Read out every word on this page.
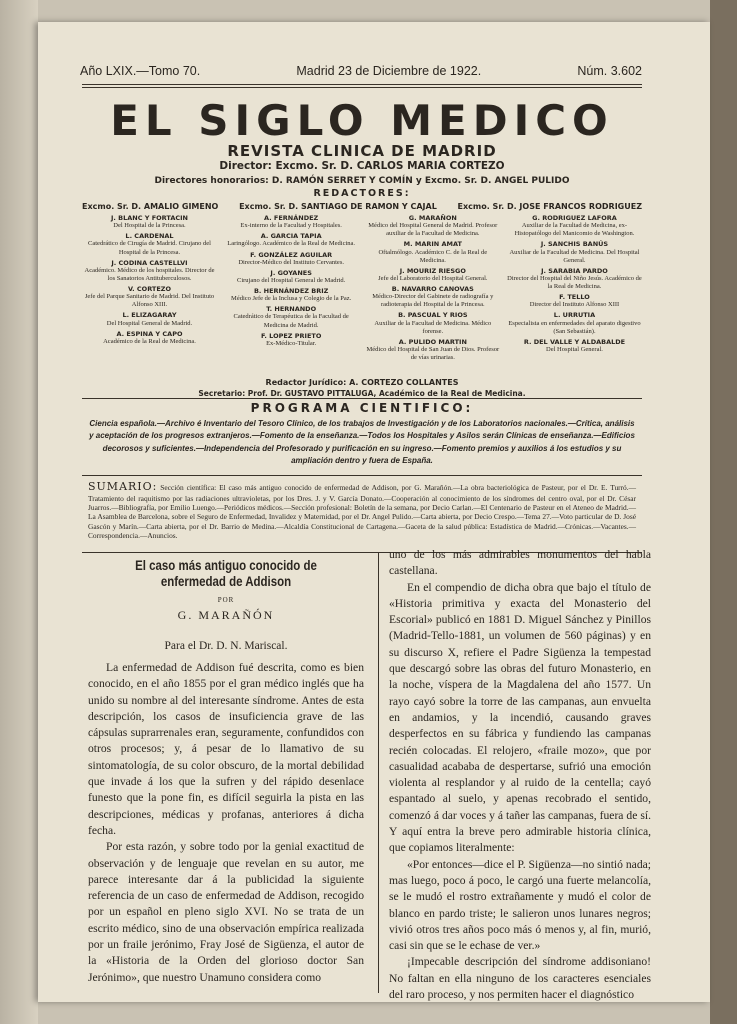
Año LXIX.—Tomo 70.	Madrid 23 de Diciembre de 1922.	Núm. 3.602
EL SIGLO MEDICO
REVISTA CLINICA DE MADRID
Director: Excmo. Sr. D. CARLOS MARIA CORTEZO
Directores honorarios: D. RAMÓN SERRET Y COMÍN y Excmo. Sr. D. ANGEL PULIDO
REDACTORES:
Excmo. Sr. D. AMALIO GIMENO	Excmo. Sr. D. SANTIAGO DE RAMON Y CAJAL	Excmo. Sr. D. JOSE FRANCOS RODRIGUEZ
J. BLANC Y FORTACIN
Del Hospital de la Princesa.
L. CARDENAL
Catedrático de Cirugía de Madrid. Cirujano del Hospital de la Princesa.
J. CODINA CASTELLVI
Académico. Médico de los hospitales. Director de los Sanatorios Antituberculosos.
V. CORTEZO
Jefe del Parque Sanitario de Madrid. Del Instituto Alfonso XIII.
L. ELIZAGARAY
Del Hospital General de Madrid.
A. ESPINA Y CAPO
Académico de la Real de Medicina.
A. FERNÁNDEZ
Ex-interno de la Facultad y Hospitales.
A. GARCIA TAPIA
Laringólogo. Académico de la Real de Medicina.
F. GONZÁLEZ AGUILAR
Director-Médico del Instituto Cervantes.
J. GOYANES
Cirujano del Hospital General de Madrid.
B. HERNÁNDEZ BRIZ
Médico Jefe de la Inclusa y Colegio de la Paz.
T. HERNANDO
Catedrático de Terapéutica de la Facultad de Medicina de Madrid.
F. LOPEZ PRIETO
Ex-Médico-Titular.
G. MARAÑON
Médico del Hospital General de Madrid. Profesor auxiliar de la Facultad de Medicina.
M. MARIN AMAT
Oftalmólogo. Académico C. de la Real de Medicina.
J. MOURIZ RIESGO
Jefe del Laboratorio del Hospital General.
B. NAVARRO CANOVAS
Médico-Director del Gabinete de radiografía y radioterapia del Hospital de la Princesa.
B. PASCUAL Y RIOS
Auxiliar de la Facultad de Medicina. Médico forense.
A. PULIDO MARTIN
Médico del Hospital de San Juan de Dios. Profesor de vías urinarias.
G. RODRIGUEZ LAFORA
Auxiliar de la Facultad de Medicina, ex-Histopatólogo del Manicomio de Washington.
J. SANCHIS BANÚS
Auxiliar de la Facultad de Medicina. Del Hospital General.
J. SARABIA PARDO
Director del Hospital del Niño Jesús. Académico de la Real de Medicina.
F. TELLO
Director del Instituto Alfonso XIII
L. URRUTIA
Especialista en enfermedades del aparato digestivo (San Sebastián).
R. DEL VALLE Y ALDABALDE
Del Hospital General.
Redactor Jurídico: A. CORTEZO COLLANTES
Secretario: Prof. Dr. GUSTAVO PITTALUGA, Académico de la Real de Medicina.
PROGRAMA CIENTIFICO:
Ciencia española.—Archivo é Inventario del Tesoro Clínico, de los trabajos de Investigación y de los Laboratorios nacionales.—Crítica, análisis y aceptación de los progresos extranjeros.—Fomento de la enseñanza.—Todos los Hospitales y Asilos serán Clínicas de enseñanza.—Edificios decorosos y suficientes.—Independencia del Profesorado y purificación en su ingreso.—Fomento premios y auxilios á los estudios y su ampliación dentro y fuera de España.
SUMARIO: Sección científica: El caso más antiguo conocido de enfermedad de Addison, por G. Marañón.—La obra bacteriológica de Pasteur, por el Dr. E. Turró.—Tratamiento del raquitismo por las radiaciones ultravioletas, por los Dres. J. y V. García Donato.—Cooperación al conocimiento de los síndromes del centro oval, por el Dr. César Juarros.—Bibliografía, por Emilio Luengo.—Periódicos médicos.—Sección profesional: Boletín de la semana, por Decio Carlan.—El Centenario de Pasteur en el Ateneo de Madrid.—La Asamblea de Barcelona, sobre el Seguro de Enfermedad, Invalidez y Maternidad, por el Dr. Angel Pulido.—Carta abierta, por Decio Crespo.—Tema 27.—Voto particular de D. José Gascón y Marín.—Carta abierta, por el Dr. Barrio de Medina.—Alcaldía Constitucional de Cartagena.—Gaceta de la salud pública: Estadística de Madrid.—Crónicas.—Vacantes.—Correspondencia.—Anuncios.
El caso más antiguo conocido de enfermedad de Addison
POR
G. MARAÑÓN
Para el Dr. D. N. Mariscal.

La enfermedad de Addison fué descrita, como es bien conocido, en el año 1855 por el gran médico inglés que ha unido su nombre al del interesante síndrome. Antes de esta descripción, los casos de insuficiencia grave de las cápsulas suprarrenales eran, seguramente, confundidos con otros procesos; y, á pesar de lo llamativo de su sintomatología, de su color obscuro, de la mortal debilidad que invade á los que la sufren y del rápido desenlace funesto que la pone fin, es difícil seguirla la pista en las descripciones, médicas y profanas, anteriores á dicha fecha.

Por esta razón, y sobre todo por la genial exactitud de observación y de lenguaje que revelan en su autor, me parece interesante dar á la publicidad la siguiente referencia de un caso de enfermedad de Addison, recogido por un español en pleno siglo XVI. No se trata de un escrito médico, sino de una observación empírica realizada por un fraile jerónimo, Fray José de Sigüenza, el autor de la «Historia de la Orden del glorioso doctor San Jerónimo», que nuestro Unamuno considera como

uno de los más admirables monumentos del habla castellana.

En el compendio de dicha obra que bajo el título de «Historia primitiva y exacta del Monasterio del Escorial» publicó en 1881 D. Miguel Sánchez y Pinillos (Madrid-Tello-1881, un volumen de 560 páginas) y en su discurso X, refiere el Padre Sigüenza la tempestad que descargó sobre las obras del futuro Monasterio, en la noche, víspera de la Magdalena del año 1577. Un rayo cayó sobre la torre de las campanas, aun envuelta en andamios, y la incendió, causando graves desperfectos en su fábrica y fundiendo las campanas recién colocadas. El relojero, «fraile mozo», que por casualidad acababa de despertarse, sufrió una emoción violenta al resplandor y al ruido de la centella; cayó espantado al suelo, y apenas recobrado el sentido, comenzó á dar voces y á tañer las campanas, fuera de sí. Y aquí entra la breve pero admirable historia clínica, que copiamos literalmente:

«Por entonces—dice el P. Sigüenza—no sintió nada; mas luego, poco á poco, le cargó una fuerte melancolía, se le mudó el rostro extrañamente y mudó el color de blanco en pardo triste; le salieron unos lunares negros; vivió otros tres años poco más ó menos y, al fin, murió, casi sin que se le echase de ver.»

¡Impecable descripción del síndrome addisoniano! No faltan en ella ninguno de los caracteres esenciales del raro proceso, y nos permiten hacer el diagnóstico
